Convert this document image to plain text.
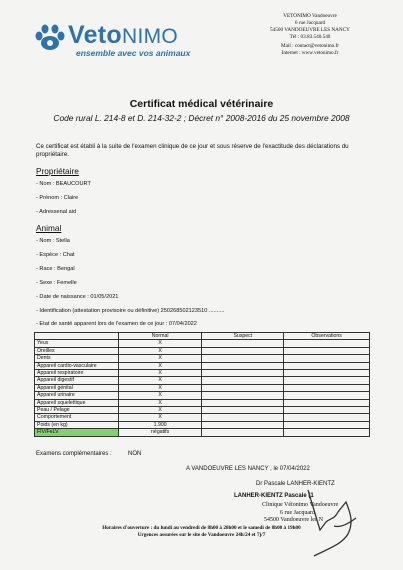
VetoNIMO
ensemble avec vos animaux
VETONIMO Vandoeuvre
6 rue Jacquard
54500 VANDOEUVRE LES NANCY
Tél : 03.83.540.540
Mail : contact@vetonimo.fr
Internet : www.vetonimo.fr
Certificat médical vétérinaire
Code rural L. 214-8 et D. 214-32-2 ; Décret n° 2008-2016 du 25 novembre 2008
Ce certificat est établi à la suite de l'examen clinique de ce jour et sous réserve de l'exactitude des déclarations du propriétaire.
Propriétaire
- Nom : BEAUCOURT
- Prénom : Claire
- Adressenal aid
Animal
- Nom : Stella
- Espèce : Chat
- Race : Bengal
- Sexe : Femelle
- Date de naissance : 01/05/2021
- Identification (attestation provisoire ou définitive) 250268502123510 ..........
- Etat de santé apparent lors de l'examen de ce jour : 07/04/2022
	Normal	Suspect	Observations
Yeux	X		
Oreilles	X		
Dents	X		
Appareil cardio-vasculaire	X		
Appareil respiratoire	X		
Appareil digestif	X		
Appareil génital	X		
Appareil urinaire	X		
Appareil squelettique	X		
Peau / Pelage	X		
Comportement	X		
Poids (en kg)	1.900		
FIV/FeLV	négatifs		
Examens complémentaires :	NON
A VANDOEUVRE LES NANCY , le 07/04/2022
Dr Pascale LANHER-KIENTZ
LANHER-KIENTZ Pascale (1
Clinique Vétonimo Vandoeuvre
6 rue Jacquard
54500 Vandoeuvre les N
Horaires d'ouverture : du lundi au vendredi de 8h00 à 20h00 et le samedi de 8h00 à 19h00
Urgences assurées sur le site de Vandoeuvre 24h/24 et 7j/7
